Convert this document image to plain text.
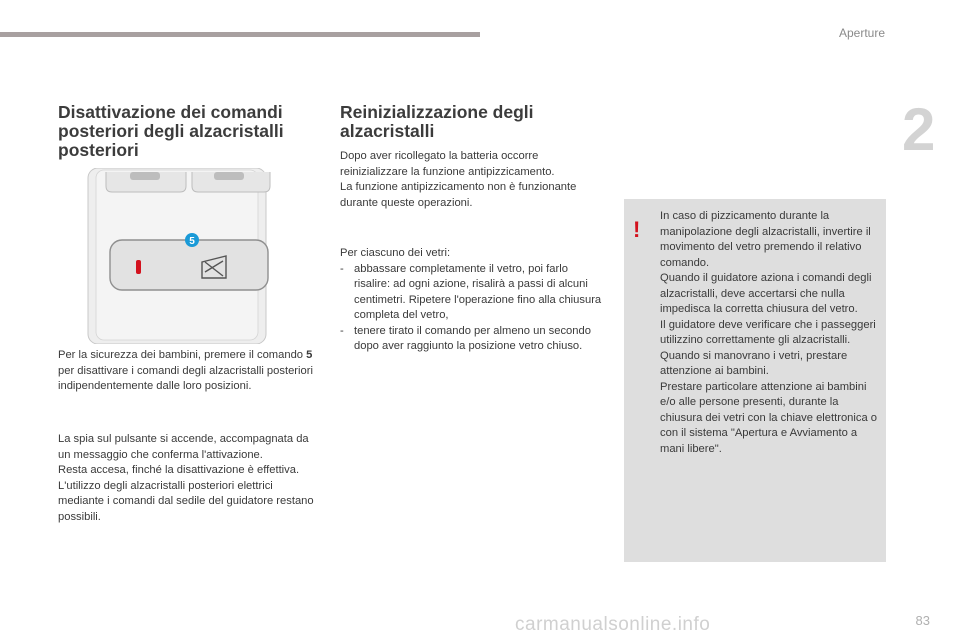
Aperture
2
Disattivazione dei comandi posteriori degli alzacristalli posteriori
5

Per la sicurezza dei bambini, premere il comando 5 per disattivare i comandi degli alzacristalli posteriori indipendentemente dalle loro posizioni.

La spia sul pulsante si accende, accompagnata da un messaggio che conferma l'attivazione.

Resta accesa, finché la disattivazione è effettiva.

L'utilizzo degli alzacristalli posteriori elettrici mediante i comandi dal sedile del guidatore restano possibili.

Reinizializzazione degli alzacristalli

Dopo aver ricollegato la batteria occorre reinizializzare la funzione antipizzicamento.

La funzione antipizzicamento non è funzionante durante queste operazioni.

Per ciascuno dei vetri:

- abbassare completamente il vetro, poi farlo risalire: ad ogni azione, risalirà a passi di alcuni centimetri. Ripetere l'operazione fino alla chiusura completa del vetro,
- tenere tirato il comando per almeno un secondo dopo aver raggiunto la posizione vetro chiuso.
!

In caso di pizzicamento durante la manipolazione degli alzacristalli, invertire il movimento del vetro premendo il relativo comando.

Quando il guidatore aziona i comandi degli alzacristalli, deve accertarsi che nulla impedisca la corretta chiusura del vetro.

Il guidatore deve verificare che i passeggeri utilizzino correttamente gli alzacristalli.

Quando si manovrano i vetri, prestare attenzione ai bambini.

Prestare particolare attenzione ai bambini e/o alle persone presenti, durante la chiusura dei vetri con la chiave elettronica o con il sistema "Apertura e Avviamento a mani libere".

83
carmanualsonline.info
